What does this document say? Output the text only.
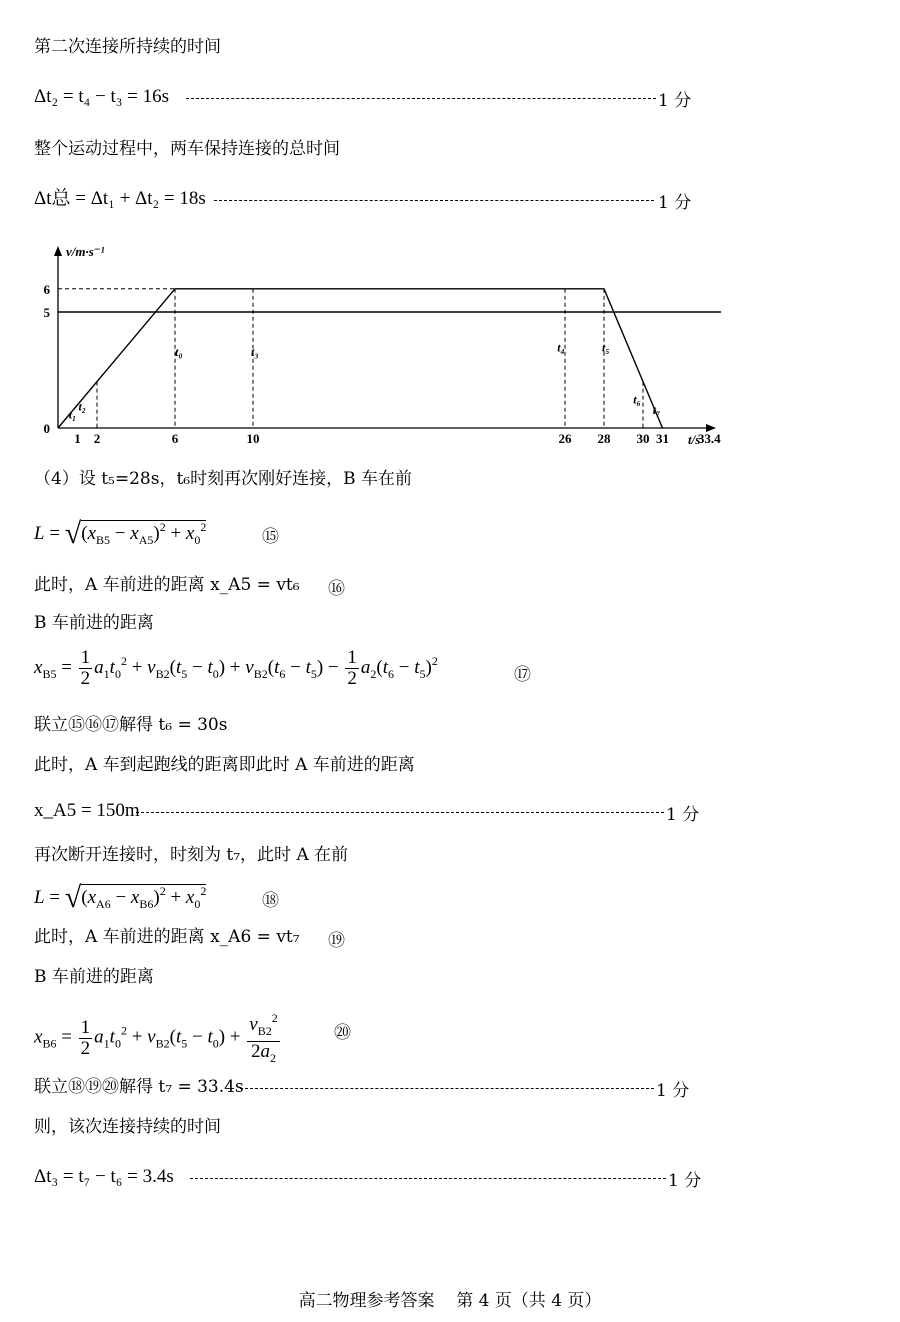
第二次连接所持续的时间
Δt₂ = t₄ − t₃ = 16s	1 分
整个运动过程中，两车保持连接的总时间
Δt总 = Δt₁ + Δt₂ = 18s	1 分
v/m·s⁻¹
t/s
1 2	6	10	26 28 30 31 33.4
0
5
6
t₀
t₁
t₂
t₃	t₄	t₅
t₆
t₇
（4）设 t₅=28s，t₆时刻再次刚好连接，B 车在前
$L = √(x_{B5} - x_{A5})^2 + x_0^2$	⑮
此时，A 车前进的距离 x_A5 = vt₆ ⑯
B 车前进的距离
$x_{B5} = \frac{1}{2} a_1t_0^2 + v_{B2}(t_5 - t_0) + v_{B2}(t_6 - t_5) - \frac{1}{2} a_2(t_6 - t_5)^2$
⑰
联立⑮⑯⑰解得 t₆ = 30s
此时，A 车到起跑线的距离即此时 A 车前进的距离
x_A5 = 150m	1 分
再次断开连接时，时刻为 t₇，此时 A 在前
$L = √(x_{A6} - x_{B6})^2 + x_0^2$	⑱
此时，A 车前进的距离 x_A6 = vt₇ ⑲
B 车前进的距离
$x_{B6} = \frac{1}{2} a_1t_0^2 + v_{B2}(t_5 - t_0) + \frac{v_{B2}^2}{2a_2}$	⑳
联立⑱⑲⑳解得 t₇ = 33.4s	1 分
则，该次连接持续的时间
Δt₃ = t₇ − t₆ = 3.4s	1 分
高二物理参考答案 第 4 页（共 4 页）
